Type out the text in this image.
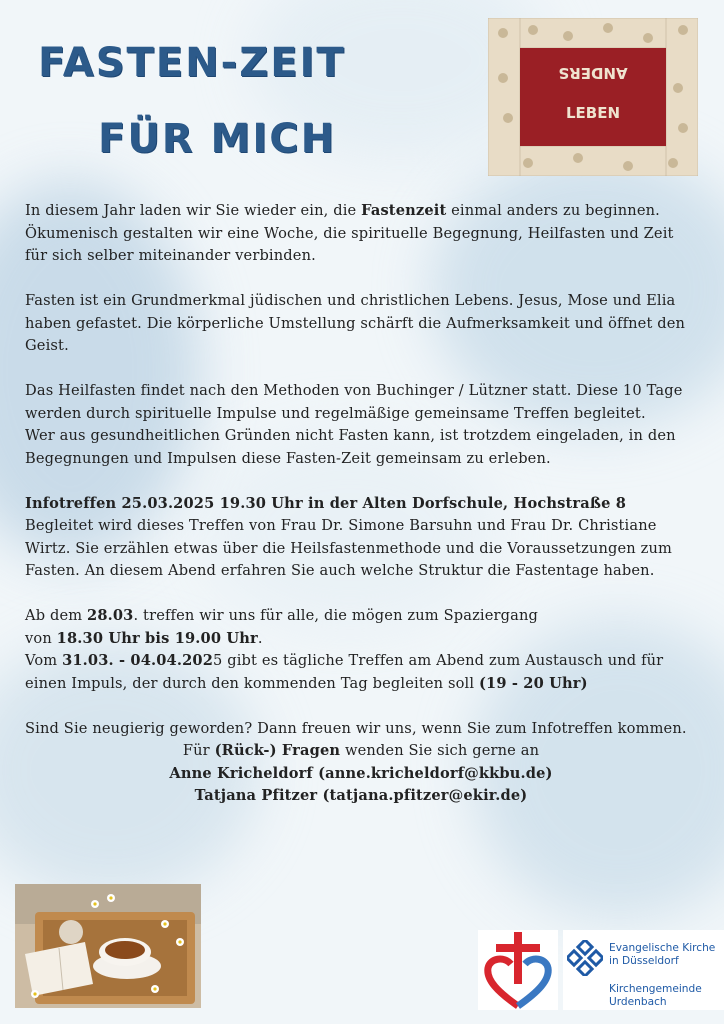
FASTEN-ZEIT
FÜR MICH
ANDERS
LEBEN

In diesem Jahr laden wir Sie wieder ein, die Fastenzeit einmal anders zu beginnen.

Ökumenisch gestalten wir eine Woche, die spirituelle Begegnung, Heilfasten und Zeit für sich selber miteinander verbinden.

Fasten ist ein Grundmerkmal jüdischen und christlichen Lebens. Jesus, Mose und Elia haben gefastet. Die körperliche Umstellung schärft die Aufmerksamkeit und öffnet den Geist.

Das Heilfasten findet nach den Methoden von Buchinger / Lützner statt. Diese 10 Tage werden durch spirituelle Impulse und regelmäßige gemeinsame Treffen begleitet.

Wer aus gesundheitlichen Gründen nicht Fasten kann, ist trotzdem eingeladen, in den Begegnungen und Impulsen diese Fasten-Zeit gemeinsam zu erleben.

Infotreffen 25.03.2025 19.30 Uhr in der Alten Dorfschule, Hochstraße 8

Begleitet wird dieses Treffen von Frau Dr. Simone Barsuhn und Frau Dr. Christiane Wirtz. Sie erzählen etwas über die Heilsfastenmethode und die Voraussetzungen zum Fasten. An diesem Abend erfahren Sie auch welche Struktur die Fastentage haben.

Ab dem 28.03. treffen wir uns für alle, die mögen zum Spaziergang
von 18.30 Uhr bis 19.00 Uhr.

Vom 31.03. - 04.04.2025 gibt es tägliche Treffen am Abend zum Austausch und für einen Impuls, der durch den kommenden Tag begleiten soll (19 - 20 Uhr)

Sind Sie neugierig geworden? Dann freuen wir uns, wenn Sie zum Infotreffen kommen.

Für (Rück-) Fragen wenden Sie sich gerne an

Anne Kricheldorf (anne.kricheldorf@kkbu.de)

Tatjana Pfitzer (tatjana.pfitzer@ekir.de)

Evangelische Kirche
in Düsseldorf
Kirchengemeinde
Urdenbach
